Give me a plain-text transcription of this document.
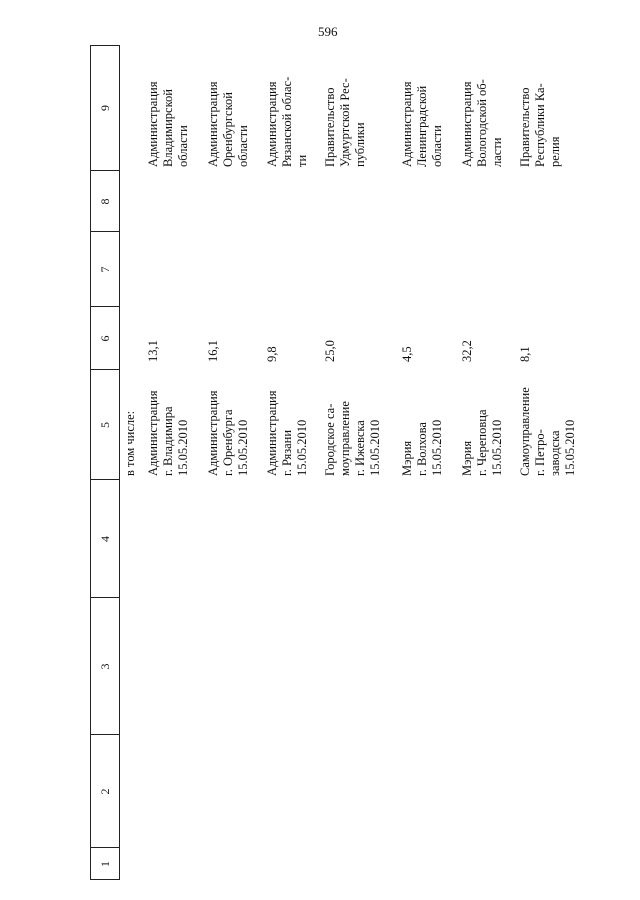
596
1
2
3
4
5
6
7
8
9
в том числе: Администрация
г. Владимира
15.05.2010
13,1
Администрация
Владимирской
области
Администрация
г. Оренбурга
15.05.2010
16,1
Администрация
Оренбургской
области
Администрация
г. Рязани
15.05.2010
9,8
Администрация
Рязанской облас-
ти
Городское са-
моуправление
г. Ижевска
15.05.2010
25,0
Правительство
Удмуртской Рес-
публики
Мэрия
г. Волхова
15.05.2010
4,5
Администрация
Ленинградской
области
Мэрия
г. Череповца
15.05.2010
32,2
Администрация
Вологодской об-
ласти
Самоуправление
г. Петро-
заводска
15.05.2010
8,1
Правительство
Республики Ка-
релия
